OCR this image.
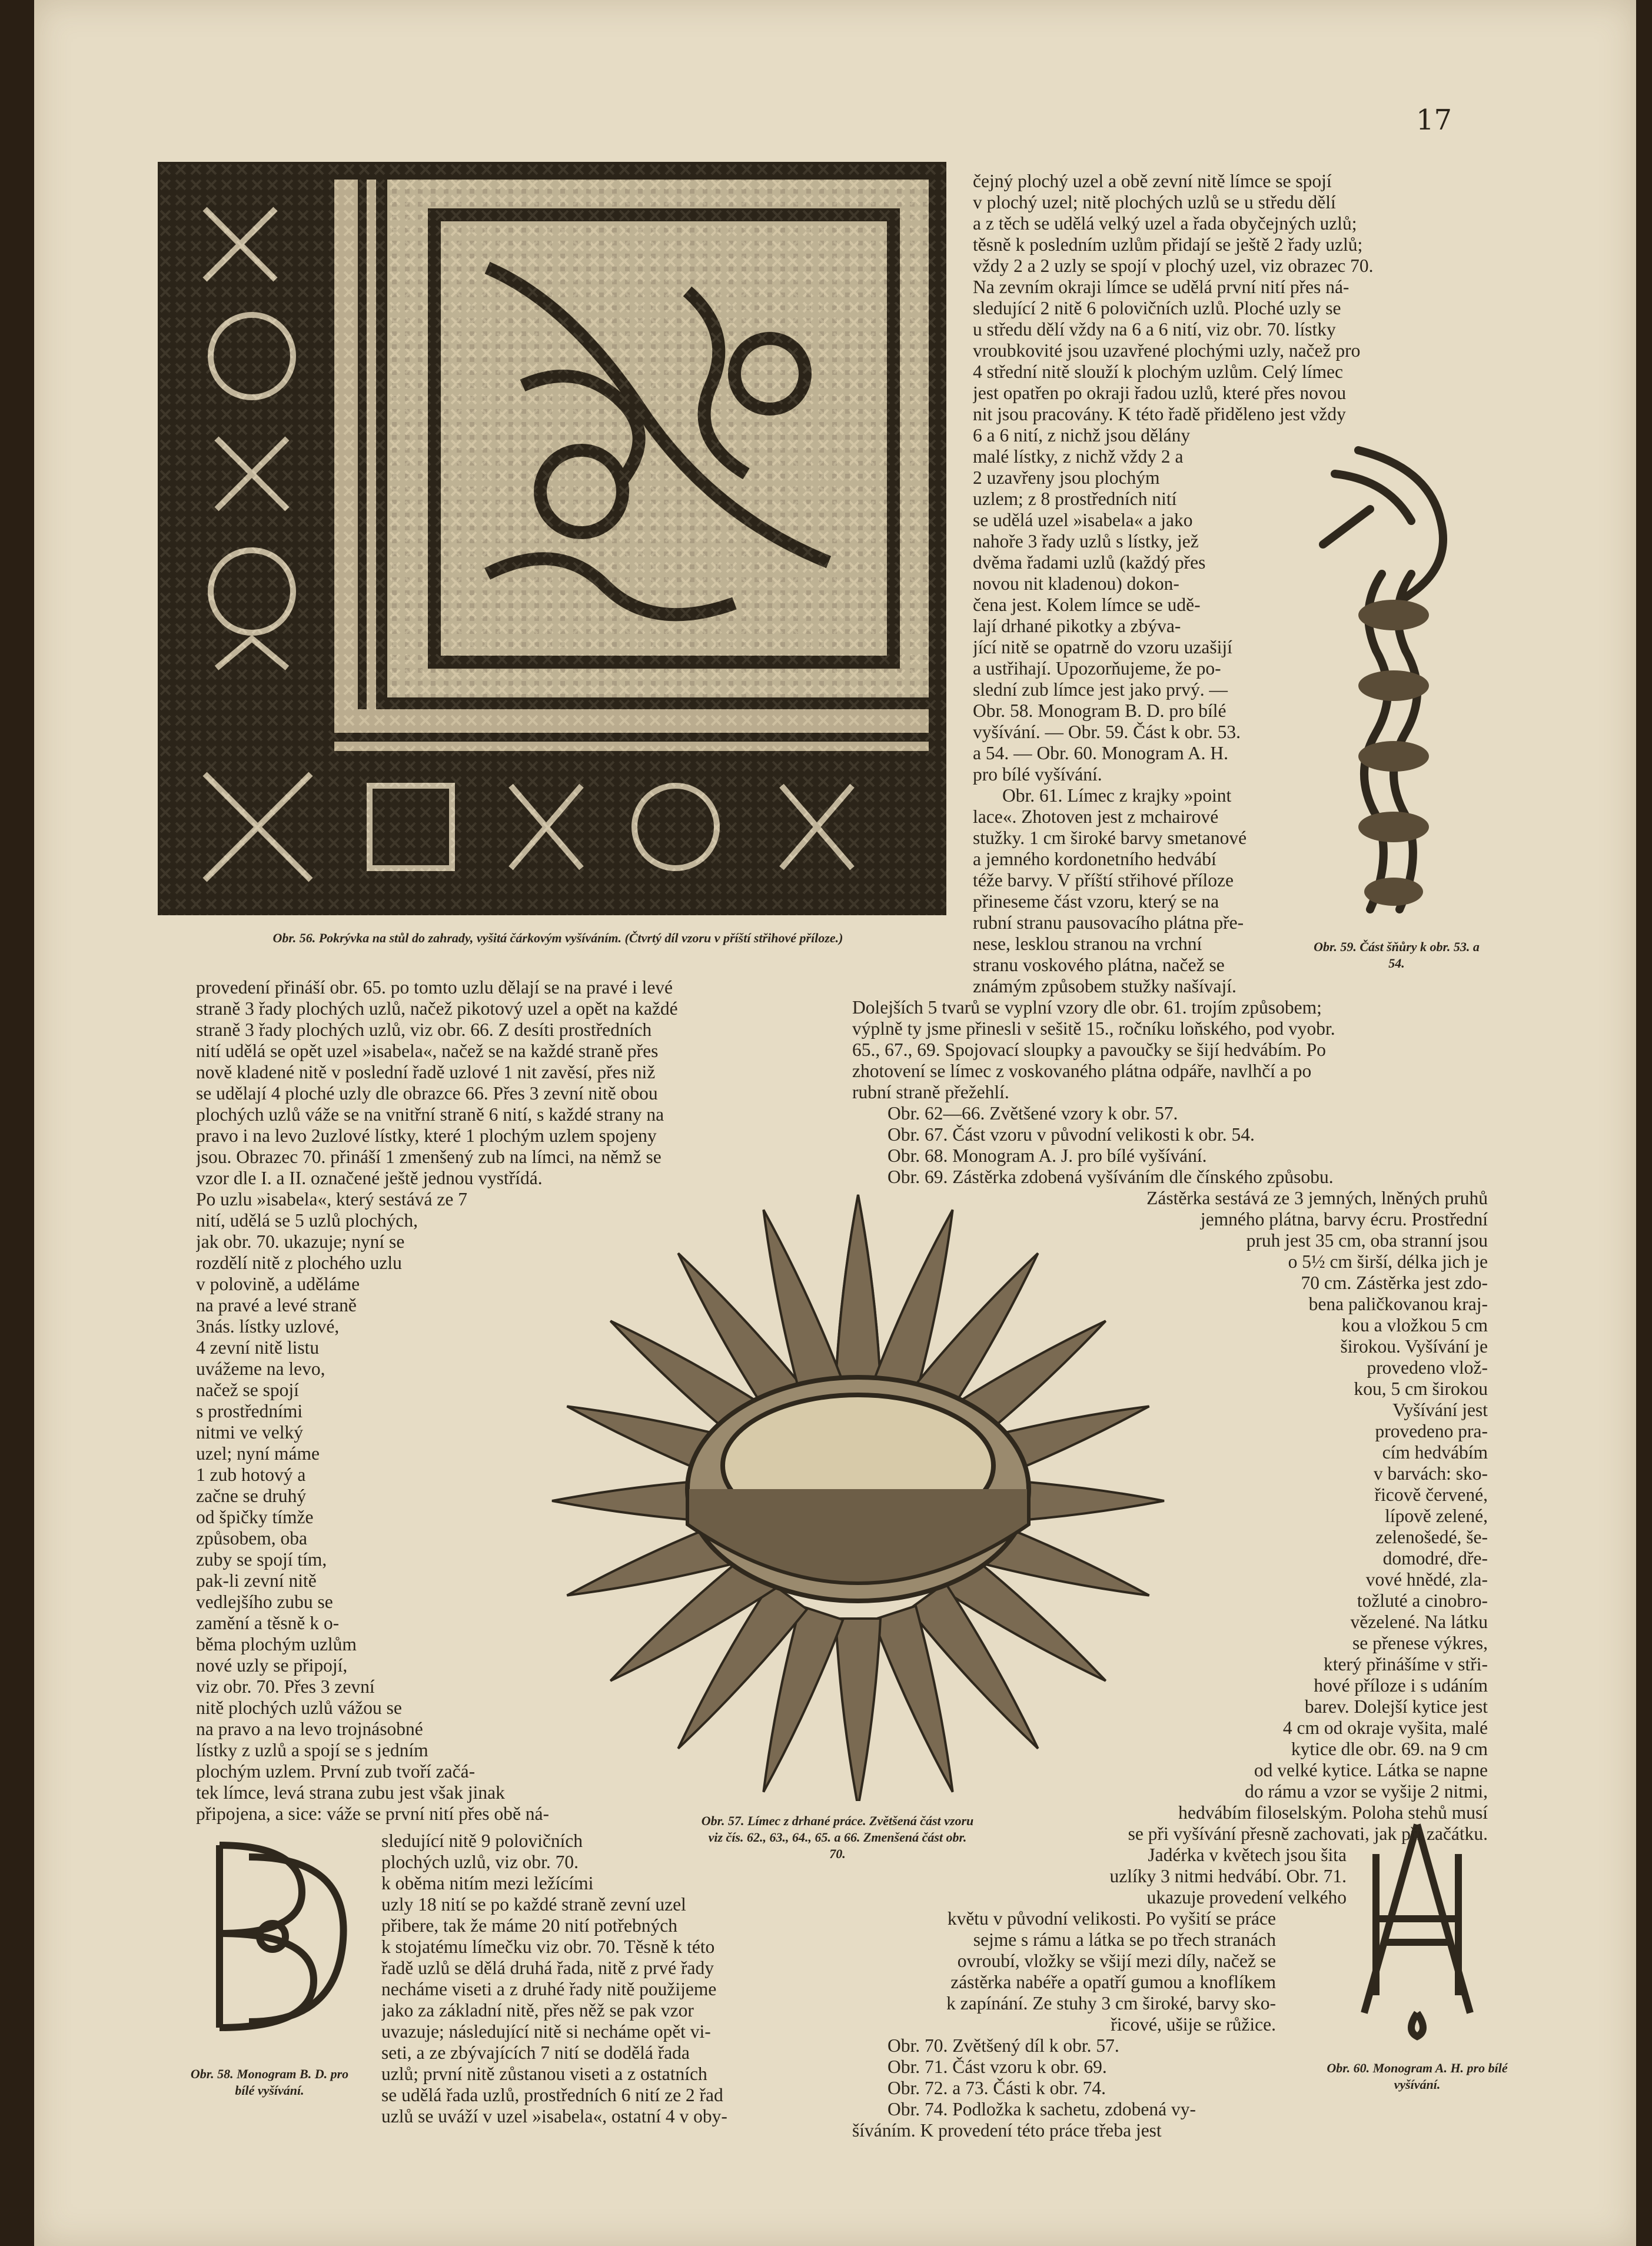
17
Obr. 56. Pokrývka na stůl do zahrady, vyšitá čárkovým vyšíváním. (Čtvrtý díl vzoru v příští střihové příloze.)
Obr. 59. Část šňůry k obr. 53. a 54.
Obr. 57. Límec z drhané práce. Zvětšená část vzoru viz čís. 62., 63., 64., 65. a 66. Zmenšená část obr. 70.
Obr. 58. Monogram B. D. pro bílé vyšívání.
Obr. 60. Monogram A. H. pro bílé vyšívání.

čejný plochý uzel a obě zevní nitě límce se spojí

v plochý uzel; nitě plochých uzlů se u středu dělí

a z těch se udělá velký uzel a řada obyčejných uzlů;

těsně k posledním uzlům přidají se ještě 2 řady uzlů;

vždy 2 a 2 uzly se spojí v plochý uzel, viz obrazec 70.

Na zevním okraji límce se udělá první nití přes ná-

sledující 2 nitě 6 polovičních uzlů. Ploché uzly se

u středu dělí vždy na 6 a 6 nití, viz obr. 70. lístky

vroubkovité jsou uzavřené plochými uzly, načež pro

4 střední nitě slouží k plochým uzlům. Celý límec

jest opatřen po okraji řadou uzlů, které přes novou

nit jsou pracovány. K této řadě přiděleno jest vždy

6 a 6 nití, z nichž jsou dělány

malé lístky, z nichž vždy 2 a

2 uzavřeny jsou plochým

uzlem; z 8 prostředních nití

se udělá uzel »isabela« a jako

nahoře 3 řady uzlů s lístky, jež

dvěma řadami uzlů (každý přes

novou nit kladenou) dokon-

čena jest. Kolem límce se udě-

lají drhané pikotky a zbýva-

jící nitě se opatrně do vzoru uzašijí

a ustřihají. Upozorňujeme, že po-

slední zub límce jest jako prvý. —

Obr. 58. Monogram B. D. pro bílé

vyšívání. — Obr. 59. Část k obr. 53.

a 54. — Obr. 60. Monogram A. H.

pro bílé vyšívání.

Obr. 61. Límec z krajky »point

lace«. Zhotoven jest z mchairové

stužky. 1 cm široké barvy smetanové

a jemného kordonetního hedvábí

téže barvy. V příští střihové příloze

přineseme část vzoru, který se na

rubní stranu pausovacího plátna pře-

nese, lesklou stranou na vrchní

stranu voskového plátna, načež se

známým způsobem stužky našívají.

provedení přináší obr. 65. po tomto uzlu dělají se na pravé i levé

straně 3 řady plochých uzlů, načež pikotový uzel a opět na každé

straně 3 řady plochých uzlů, viz obr. 66. Z desíti prostředních

nití udělá se opět uzel »isabela«, načež se na každé straně přes

nově kladené nitě v poslední řadě uzlové 1 nit zavěsí, přes niž

se udělají 4 ploché uzly dle obrazce 66. Přes 3 zevní nitě obou

plochých uzlů váže se na vnitřní straně 6 nití, s každé strany na

pravo i na levo 2uzlové lístky, které 1 plochým uzlem spojeny

jsou. Obrazec 70. přináší 1 zmenšený zub na límci, na němž se

vzor dle I. a II. označené ještě jednou vystřídá.

Po uzlu »isabela«, který sestává ze 7

nití, udělá se 5 uzlů plochých,

jak obr. 70. ukazuje; nyní se

rozdělí nitě z plochého uzlu

v polovině, a uděláme

na pravé a levé straně

3nás. lístky uzlové,

4 zevní nitě listu

uvážeme na levo,

načež se spojí

s prostředními

nitmi ve velký

uzel; nyní máme

1 zub hotový a

začne se druhý

od špičky tímže

způsobem, oba

zuby se spojí tím,

pak-li zevní nitě

vedlejšího zubu se

zamění a těsně k o-

běma plochým uzlům

nové uzly se připojí,

viz obr. 70. Přes 3 zevní

nitě plochých uzlů vážou se

na pravo a na levo trojnásobné

lístky z uzlů a spojí se s jedním

plochým uzlem. První zub tvoří začá-

tek límce, levá strana zubu jest však jinak

připojena, a sice: váže se první nití přes obě ná-

sledující nitě 9 polovičních

plochých uzlů, viz obr. 70.

k oběma nitím mezi ležícími

uzly 18 nití se po každé straně zevní uzel

přibere, tak že máme 20 nití potřebných

k stojatému límečku viz obr. 70. Těsně k této

řadě uzlů se dělá druhá řada, nitě z prvé řady

necháme viseti a z druhé řady nitě použijeme

jako za základní nitě, přes něž se pak vzor

uvazuje; následující nitě si necháme opět vi-

seti, a ze zbývajících 7 nití se dodělá řada

uzlů; první nitě zůstanou viseti a z ostatních

se udělá řada uzlů, prostředních 6 nití ze 2 řad

uzlů se uváží v uzel »isabela«, ostatní 4 v oby-

Dolejších 5 tvarů se vyplní vzory dle obr. 61. trojím způsobem;

výplně ty jsme přinesli v sešitě 15., ročníku loňského, pod vyobr.

65., 67., 69. Spojovací sloupky a pavoučky se šijí hedvábím. Po

zhotovení se límec z voskovaného plátna odpáře, navlhčí a po

rubní straně přežehlí.

Obr. 62—66. Zvětšené vzory k obr. 57.

Obr. 67. Část vzoru v původní velikosti k obr. 54.

Obr. 68. Monogram A. J. pro bílé vyšívání.

Obr. 69. Zástěrka zdobená vyšíváním dle čínského způsobu.

Zástěrka sestává ze 3 jemných, lněných pruhů

jemného plátna, barvy écru. Prostřední

pruh jest 35 cm, oba stranní jsou

o 5½ cm širší, délka jich je

70 cm. Zástěrka jest zdo-

bena paličkovanou kraj-

kou a vložkou 5 cm

širokou. Vyšívání je

provedeno vlož-

kou, 5 cm širokou

Vyšívání jest

provedeno pra-

cím hedvábím

v barvách: sko-

řicově červené,

lípově zelené,

zelenošedé, še-

domodré, dře-

vové hnědé, zla-

tožluté a cinobro-

vězelené. Na látku

se přenese výkres,

který přinášíme v stři-

hové příloze i s udáním

barev. Dolejší kytice jest

4 cm od okraje vyšita, malé

kytice dle obr. 69. na 9 cm

od velké kytice. Látka se napne

do rámu a vzor se vyšije 2 nitmi,

hedvábím filoselským. Poloha stehů musí

se při vyšívání přesně zachovati, jak při začátku.

Jadérka v květech jsou šita

uzlíky 3 nitmi hedvábí. Obr. 71.

ukazuje provedení velkého

květu v původní velikosti. Po vyšití se práce

sejme s rámu a látka se po třech stranách

ovroubí, vložky se všijí mezi díly, načež se

zástěrka nabéře a opatří gumou a knoflíkem

k zapínání. Ze stuhy 3 cm široké, barvy sko-

řicové, ušije se růžice.

Obr. 70. Zvětšený díl k obr. 57.

Obr. 71. Část vzoru k obr. 69.

Obr. 72. a 73. Části k obr. 74.

Obr. 74. Podložka k sachetu, zdobená vy-

šíváním. K provedení této práce třeba jest
